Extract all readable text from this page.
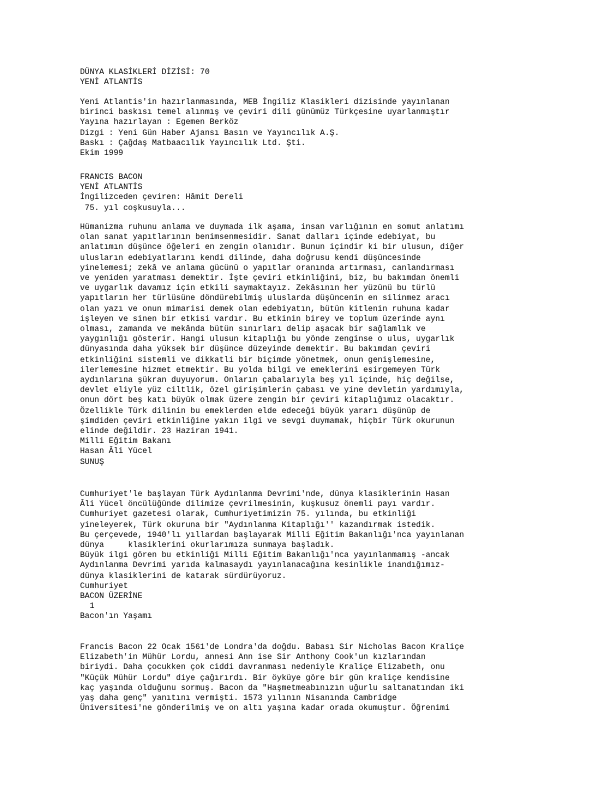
DÜNYA KLASİKLERİ DİZİSİ: 70
YENİ ATLANTİS
Yeni Atlantis'in hazırlanmasında, MEB İngiliz Klasikleri dizisinde yayınlanan
birinci baskısı temel alınmış ve çeviri dili günümüz Türkçesine uyarlanmıştır
Yayına hazırlayan : Egemen Berköz
Dizgi : Yeni Gün Haber Ajansı Basın ve Yayıncılık A.Ş.
Baskı : Çağdaş Matbaacılık Yayıncılık Ltd. Şti.
Ekim 1999
FRANCIS BACON
YENİ ATLANTİS
İngilizceden çeviren: Hâmit Dereli
75. yıl coşkusuyla...
Hümanizma ruhunu anlama ve duymada ilk aşama, insan varlığının en somut anlatımı
olan sanat yapıtlarının benimsenmesidir. Sanat dalları içinde edebiyat, bu
anlatımın düşünce öğeleri en zengin olanıdır. Bunun içindir ki bir ulusun, diğer
ulusların edebiyatlarını kendi dilinde, daha doğrusu kendi düşüncesinde
yinelemesi; zekâ ve anlama gücünü o yapıtlar oranında artırması, canlandırması
ve yeniden yaratması demektir. İşte çeviri etkinliğini, biz, bu bakımdan önemli
ve uygarlık davamız için etkili saymaktayız. Zekâsının her yüzünü bu türlü
yapıtların her türlüsüne döndürebilmiş uluslarda düşüncenin en silinmez aracı
olan yazı ve onun mimarisi demek olan edebiyatın, bütün kitlenin ruhuna kadar
işleyen ve sinen bir etkisi vardır. Bu etkinin birey ve toplum üzerinde aynı
olması, zamanda ve mekânda bütün sınırları delip aşacak bir sağlamlık ve
yaygınlığı gösterir. Hangi ulusun kitaplığı bu yönde zenginse o ulus, uygarlık
dünyasında daha yüksek bir düşünce düzeyinde demektir. Bu bakımdan çeviri
etkinliğini sistemli ve dikkatli bir biçimde yönetmek, onun genişlemesine,
ilerlemesine hizmet etmektir. Bu yolda bilgi ve emeklerini esirgemeyen Türk
aydınlarına şükran duyuyorum. Onların çabalarıyla beş yıl içinde, hiç değilse,
devlet eliyle yüz ciltlik, özel girişimlerin çabası ve yine devletin yardımıyla,
onun dört beş katı büyük olmak üzere zengin bir çeviri kitaplığımız olacaktır.
Özellikle Türk dilinin bu emeklerden elde edeceği büyük yararı düşünüp de
şimdiden çeviri etkinliğine yakın ilgi ve sevgi duymamak, hiçbir Türk okurunun
elinde değildir. 23 Haziran 1941.
Milli Eğitim Bakanı
Hasan Âli Yücel
SUNUŞ
Cumhuriyet'le başlayan Türk Aydınlanma Devrimi'nde, dünya klasiklerinin Hasan
Âli Yücel öncülüğünde dilimize çevrilmesinin, kuşkusuz önemli payı vardır.
Cumhuriyet gazetesi olarak, Cumhuriyetimizin 75. yılında, bu etkinliği
yineleyerek, Türk okuruna bir "Aydınlanma Kitaplığı'' kazandırmak istedik.
Bu çerçevede, 1940'lı yıllardan başlayarak Milli Eğitim Bakanlığı'nca yayınlanan
dünya     klasiklerini okurlarımıza sunmaya başladık.
Büyük ilgi gören bu etkinliği Milli Eğitim Bakanlığı'nca yayınlanmamış -ancak
Aydınlanma Devrimi yarıda kalmasaydı yayınlanacağına kesinlikle inandığımız-
dünya klasiklerini de katarak sürdürüyoruz.
Cumhuriyet
BACON ÜZERİNE
1
Bacon'ın Yaşamı
Francis Bacon 22 Ocak 1561'de Londra'da doğdu. Babası Sir Nicholas Bacon Kraliçe
Elizabeth'in Mühür Lordu, annesi Ann ise Sir Anthony Cook'un kızlarından
biriydi. Daha çocukken çok ciddi davranması nedeniyle Kraliçe Elizabeth, onu
"Küçük Mühür Lordu" diye çağırırdı. Bir öyküye göre bir gün kraliçe kendisine
kaç yaşında olduğunu sormuş. Bacon da "Haşmetmeabınızın uğurlu saltanatından iki
yaş daha genç" yanıtını vermişti. 1573 yılının Nisanında Cambridge
Üniversitesi'ne gönderilmiş ve on altı yaşına kadar orada okumuştur. Öğrenimi
